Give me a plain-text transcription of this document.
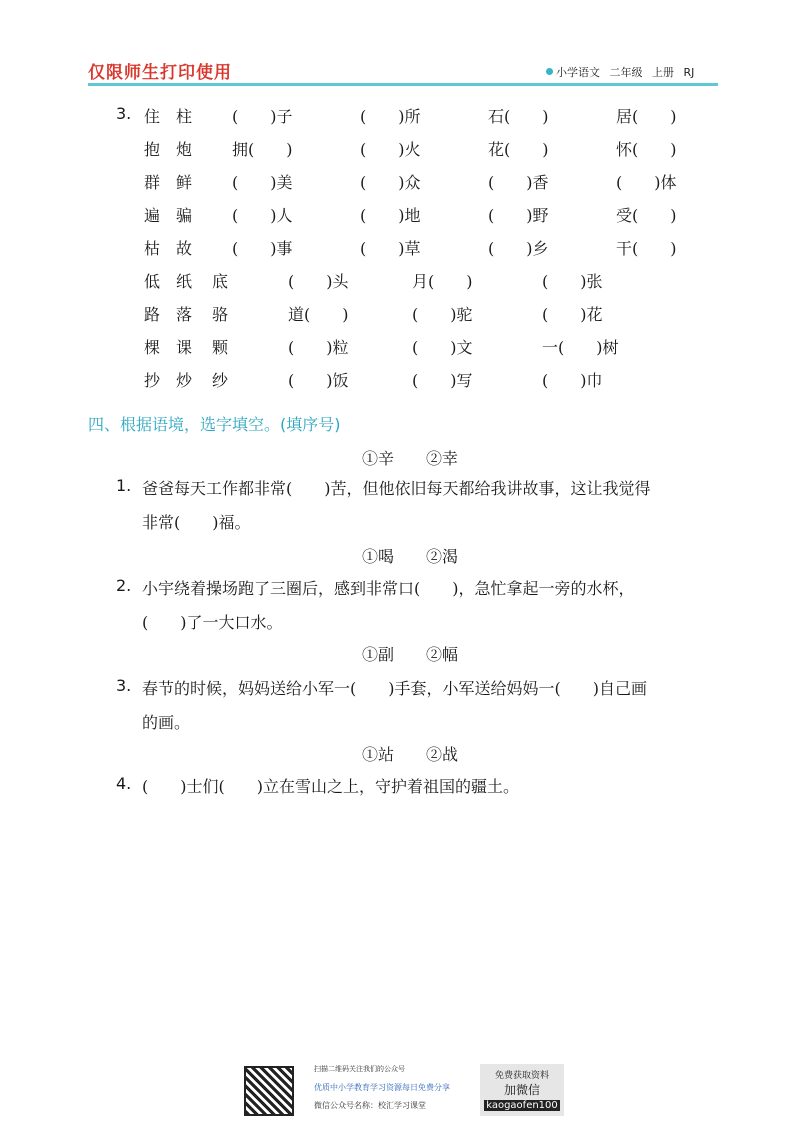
仅限师生打印使用	小学语文 二年级 上册 RJ
3. 住 柱 (　　)子	(　　)所	石(　　)	居(　　)
抱 炮 拥(　　)	(　　)火	花(　　)	怀(　　)
群 鲜 (　　)美	(　　)众	(　　)香	(　　)体
遍 骗 (　　)人	(　　)地	(　　)野	受(　　)
枯 故 (　　)事	(　　)草	(　　)乡	干(　　)
低 纸 底	(　　)头	月(　　)	(　　)张
路 落 骆	道(　　)	(　　)驼	(　　)花
棵 课 颗	(　　)粒	(　　)文	一(　　)树
抄 炒 纱	(　　)饭	(　　)写	(　　)巾
四、根据语境，选字填空。(填序号)
①辛　　②幸
1. 爸爸每天工作都非常(　　)苦，但他依旧每天都给我讲故事，这让我觉得
非常(　　)福。
①喝　　②渴
2. 小宇绕着操场跑了三圈后，感到非常口(　　)，急忙拿起一旁的水杯，
(　　)了一大口水。
①副　　②幅
3. 春节的时候，妈妈送给小军一(　　)手套，小军送给妈妈一(　　)自己画
的画。
①站　　②战
4. (　　)士们(　　)立在雪山之上，守护着祖国的疆土。
扫描二维码关注我们的公众号
优质中小学教育学习资源每日免费分享
微信公众号名称：校汇学习课堂
免费获取资料
加微信
kaogaofen100
